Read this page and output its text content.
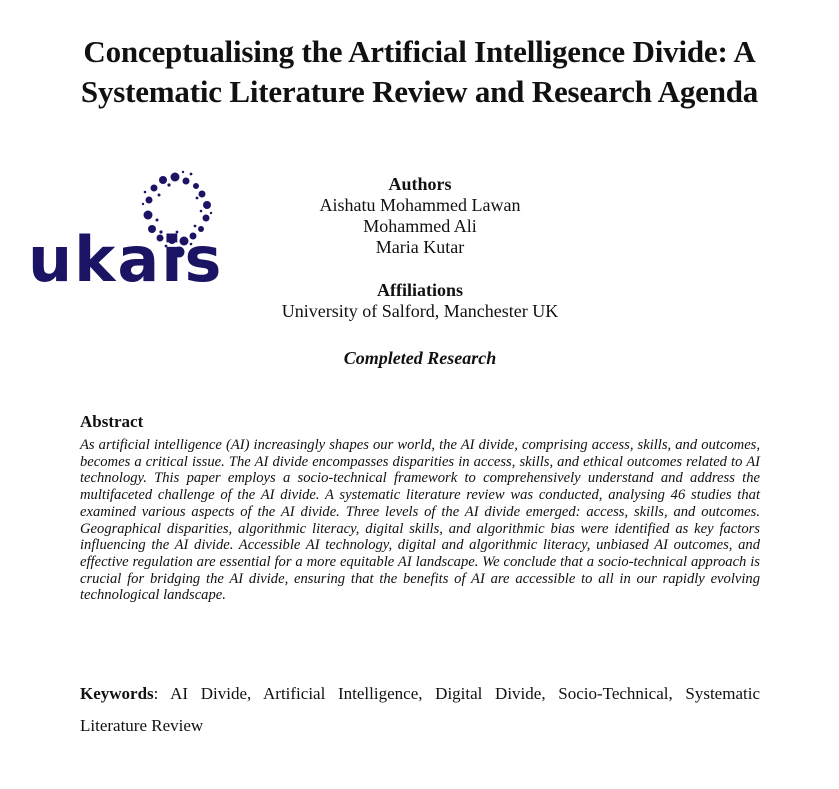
Conceptualising the Artificial Intelligence Divide: A Systematic Literature Review and Research Agenda
ukais
Authors
Aishatu Mohammed Lawan
Mohammed Ali
Maria Kutar
Affiliations
University of Salford, Manchester UK
Completed Research
Abstract
As artificial intelligence (AI) increasingly shapes our world, the AI divide, comprising access, skills, and outcomes, becomes a critical issue. The AI divide encompasses disparities in access, skills, and ethical outcomes related to AI technology. This paper employs a socio-technical framework to comprehensively understand and address the multifaceted challenge of the AI divide. A systematic literature review was conducted, analysing 46 studies that examined various aspects of the AI divide. Three levels of the AI divide emerged: access, skills, and outcomes. Geographical disparities, algorithmic literacy, digital skills, and algorithmic bias were identified as key factors influencing the AI divide. Accessible AI technology, digital and algorithmic literacy, unbiased AI outcomes, and effective regulation are essential for a more equitable AI landscape. We conclude that a socio-technical approach is crucial for bridging the AI divide, ensuring that the benefits of AI are accessible to all in our rapidly evolving technological landscape.
Keywords: AI Divide, Artificial Intelligence, Digital Divide, Socio-Technical, Systematic Literature Review
